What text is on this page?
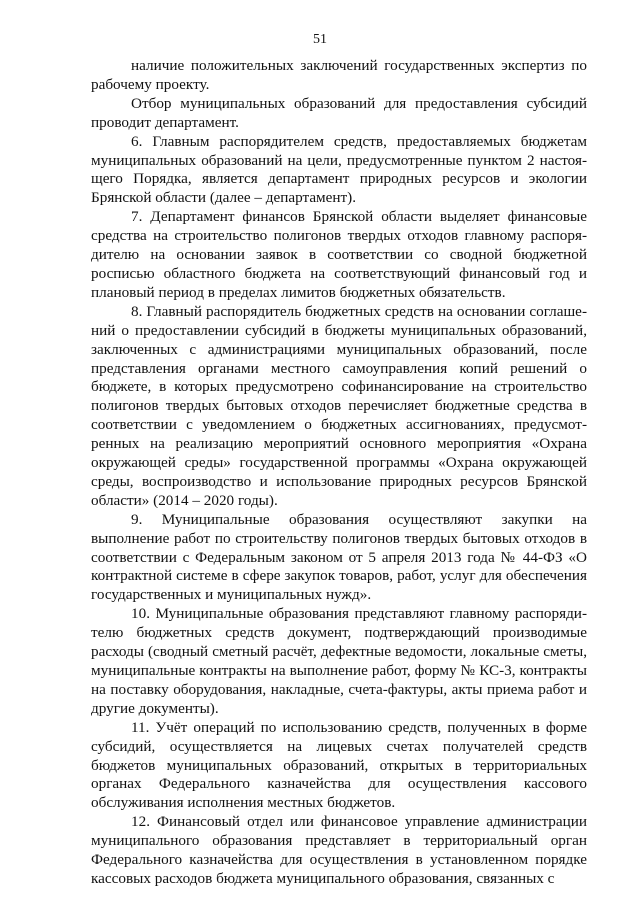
51

наличие положительных заключений государственных экспертиз по рабочему проекту.

Отбор муниципальных образований для предоставления субсидий проводит департамент.

6. Главным распорядителем средств, предоставляемых бюджетам муниципальных образований на цели, предусмотренные пунктом 2 настоящего Порядка, является департамент природных ресурсов и экологии Брянской области (далее – департамент).

7. Департамент финансов Брянской области выделяет финансовые средства на строительство полигонов твердых отходов главному распорядителю на основании заявок в соответствии со сводной бюджетной росписью областного бюджета на соответствующий финансовый год и плановый период в пределах лимитов бюджетных обязательств.

8. Главный распорядитель бюджетных средств на основании соглашений о предоставлении субсидий в бюджеты муниципальных образований, заключенных с администрациями муниципальных образований, после представления органами местного самоуправления копий решений о бюджете, в которых предусмотрено софинансирование на строительство полигонов твердых бытовых отходов перечисляет бюджетные средства в соответствии с уведомлением о бюджетных ассигнованиях, предусмотренных на реализацию мероприятий основного мероприятия «Охрана окружающей среды» государственной программы «Охрана окружающей среды, воспроизводство и использование природных ресурсов Брянской области» (2014 – 2020 годы).

9. Муниципальные образования осуществляют закупки на выполнение работ по строительству полигонов твердых бытовых отходов в соответствии с Федеральным законом от 5 апреля 2013 года № 44-ФЗ «О контрактной системе в сфере закупок товаров, работ, услуг для обеспечения государственных и муниципальных нужд».

10. Муниципальные образования представляют главному распорядителю бюджетных средств документ, подтверждающий производимые расходы (сводный сметный расчёт, дефектные ведомости, локальные сметы, муниципальные контракты на выполнение работ, форму № КС-3, контракты на поставку оборудования, накладные, счета-фактуры, акты приема работ и другие документы).

11. Учёт операций по использованию средств, полученных в форме субсидий, осуществляется на лицевых счетах получателей средств бюджетов муниципальных образований, открытых в территориальных органах Федерального казначейства для осуществления кассового обслуживания исполнения местных бюджетов.

12. Финансовый отдел или финансовое управление администрации муниципального образования представляет в территориальный орган Федерального казначейства для осуществления в установленном порядке кассовых расходов бюджета муниципального образования, связанных с
